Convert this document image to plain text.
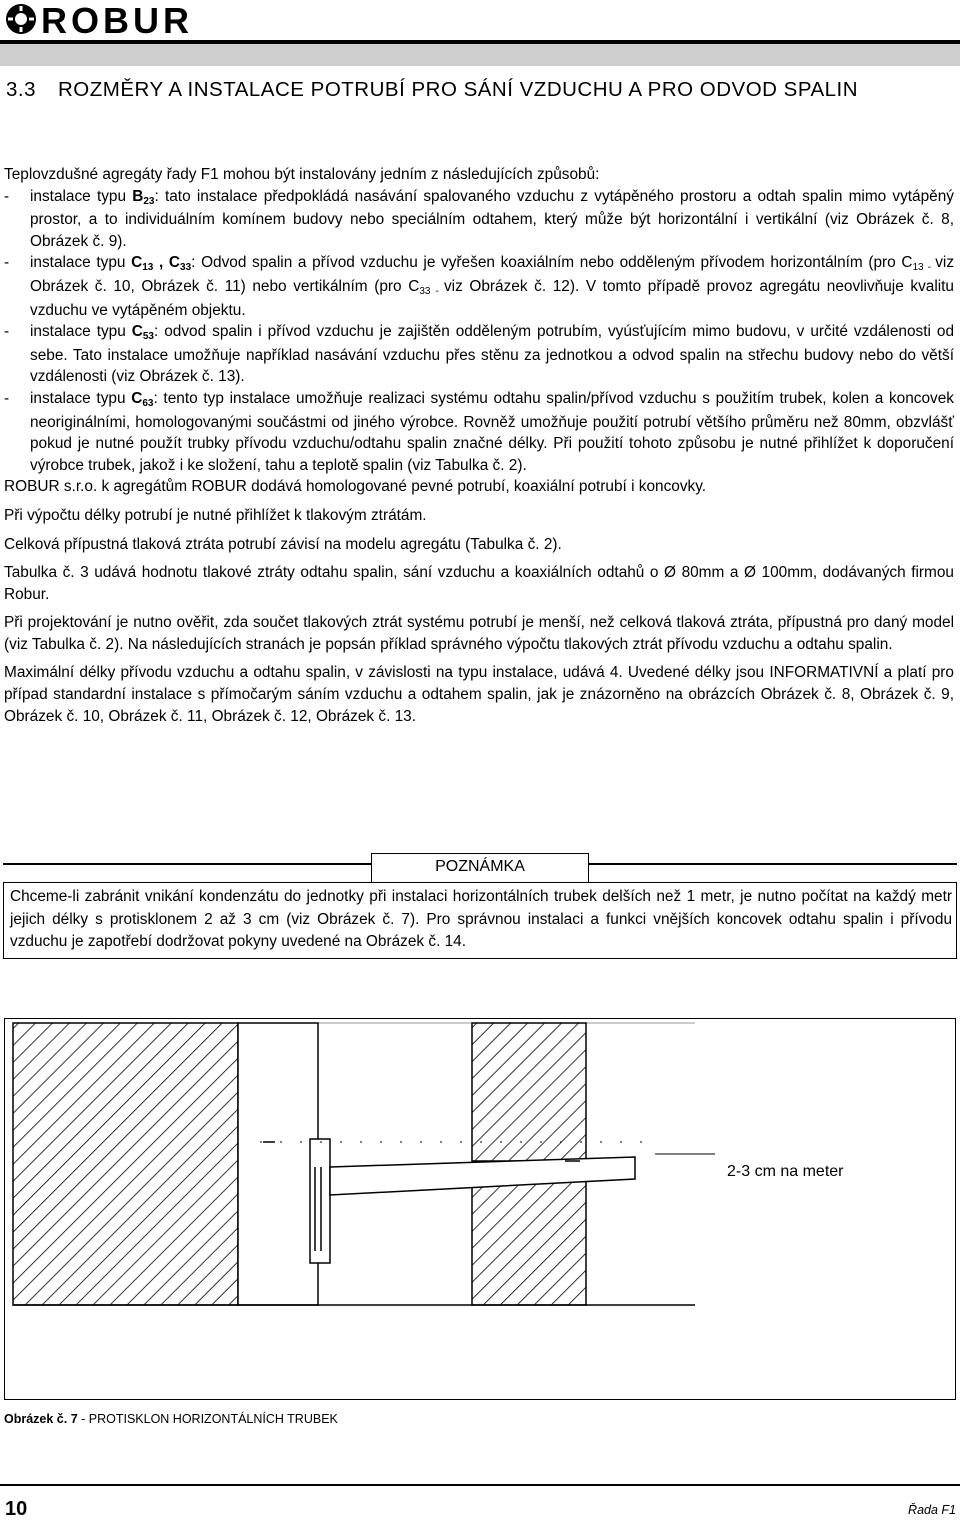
ROBUR
3.3 ROZMĚRY A INSTALACE POTRUBÍ PRO SÁNÍ VZDUCHU A PRO ODVOD SPALIN

Teplovzdušné agregáty řady F1 mohou být instalovány jedním z následujících způsobů:

-	instalace typu B23: tato instalace předpokládá nasávání spalovaného vzduchu z vytápěného prostoru a odtah spalin mimo vytápěný prostor, a to individuálním komínem budovy nebo speciálním odtahem, který může být horizontální i vertikální (viz Obrázek č. 8, Obrázek č. 9).
-	instalace typu C13 , C33: Odvod spalin a přívod vzduchu je vyřešen koaxiálním nebo odděleným přívodem horizontálním (pro C13 - viz Obrázek č. 10, Obrázek č. 11) nebo vertikálním (pro C33 - viz Obrázek č. 12). V tomto případě provoz agregátu neovlivňuje kvalitu vzduchu ve vytápěném objektu.
-	instalace typu C53: odvod spalin i přívod vzduchu je zajištěn odděleným potrubím, vyúsťujícím mimo budovu, v určité vzdálenosti od sebe. Tato instalace umožňuje například nasávání vzduchu přes stěnu za jednotkou a odvod spalin na střechu budovy nebo do větší vzdálenosti (viz Obrázek č. 13).
-	instalace typu C63: tento typ instalace umožňuje realizaci systému odtahu spalin/přívod vzduchu s použitím trubek, kolen a koncovek neoriginálními, homologovanými součástmi od jiného výrobce. Rovněž umožňuje použití potrubí většího průměru než 80mm, obzvlášť pokud je nutné použít trubky přívodu vzduchu/odtahu spalin značné délky. Při použití tohoto způsobu je nutné přihlížet k doporučení výrobce trubek, jakož i ke složení, tahu a teplotě spalin (viz Tabulka č. 2).

ROBUR s.r.o. k agregátům ROBUR dodává homologované pevné potrubí, koaxiální potrubí i koncovky.

Při výpočtu délky potrubí je nutné přihlížet k tlakovým ztrátám.

Celková přípustná tlaková ztráta potrubí závisí na modelu agregátu (Tabulka č. 2).

Tabulka č. 3 udává hodnotu tlakové ztráty odtahu spalin, sání vzduchu a koaxiálních odtahů o Ø 80mm a Ø 100mm, dodávaných firmou Robur.

Při projektování je nutno ověřit, zda součet tlakových ztrát systému potrubí je menší, než celková tlaková ztráta, přípustná pro daný model (viz Tabulka č. 2). Na následujících stranách je popsán příklad správného výpočtu tlakových ztrát přívodu vzduchu a odtahu spalin.

Maximální délky přívodu vzduchu a odtahu spalin, v závislosti na typu instalace, udává 4. Uvedené délky jsou INFORMATIVNÍ a platí pro případ standardní instalace s přímočarým sáním vzduchu a odtahem spalin, jak je znázorněno na obrázcích Obrázek č. 8, Obrázek č. 9, Obrázek č. 10, Obrázek č. 11, Obrázek č. 12, Obrázek č. 13.

POZNÁMKA
Chceme-li zabránit vnikání kondenzátu do jednotky při instalaci horizontálních trubek delších než 1 metr, je nutno počítat na každý metr jejich délky s protisklonem 2 až 3 cm (viz Obrázek č. 7). Pro správnou instalaci a funkci vnějších koncovek odtahu spalin i přívodu vzduchu je zapotřebí dodržovat pokyny uvedené na Obrázek č. 14.
2-3 cm na meter
Obrázek č. 7 - PROTISKLON HORIZONTÁLNÍCH TRUBEK
10	Řada F1
